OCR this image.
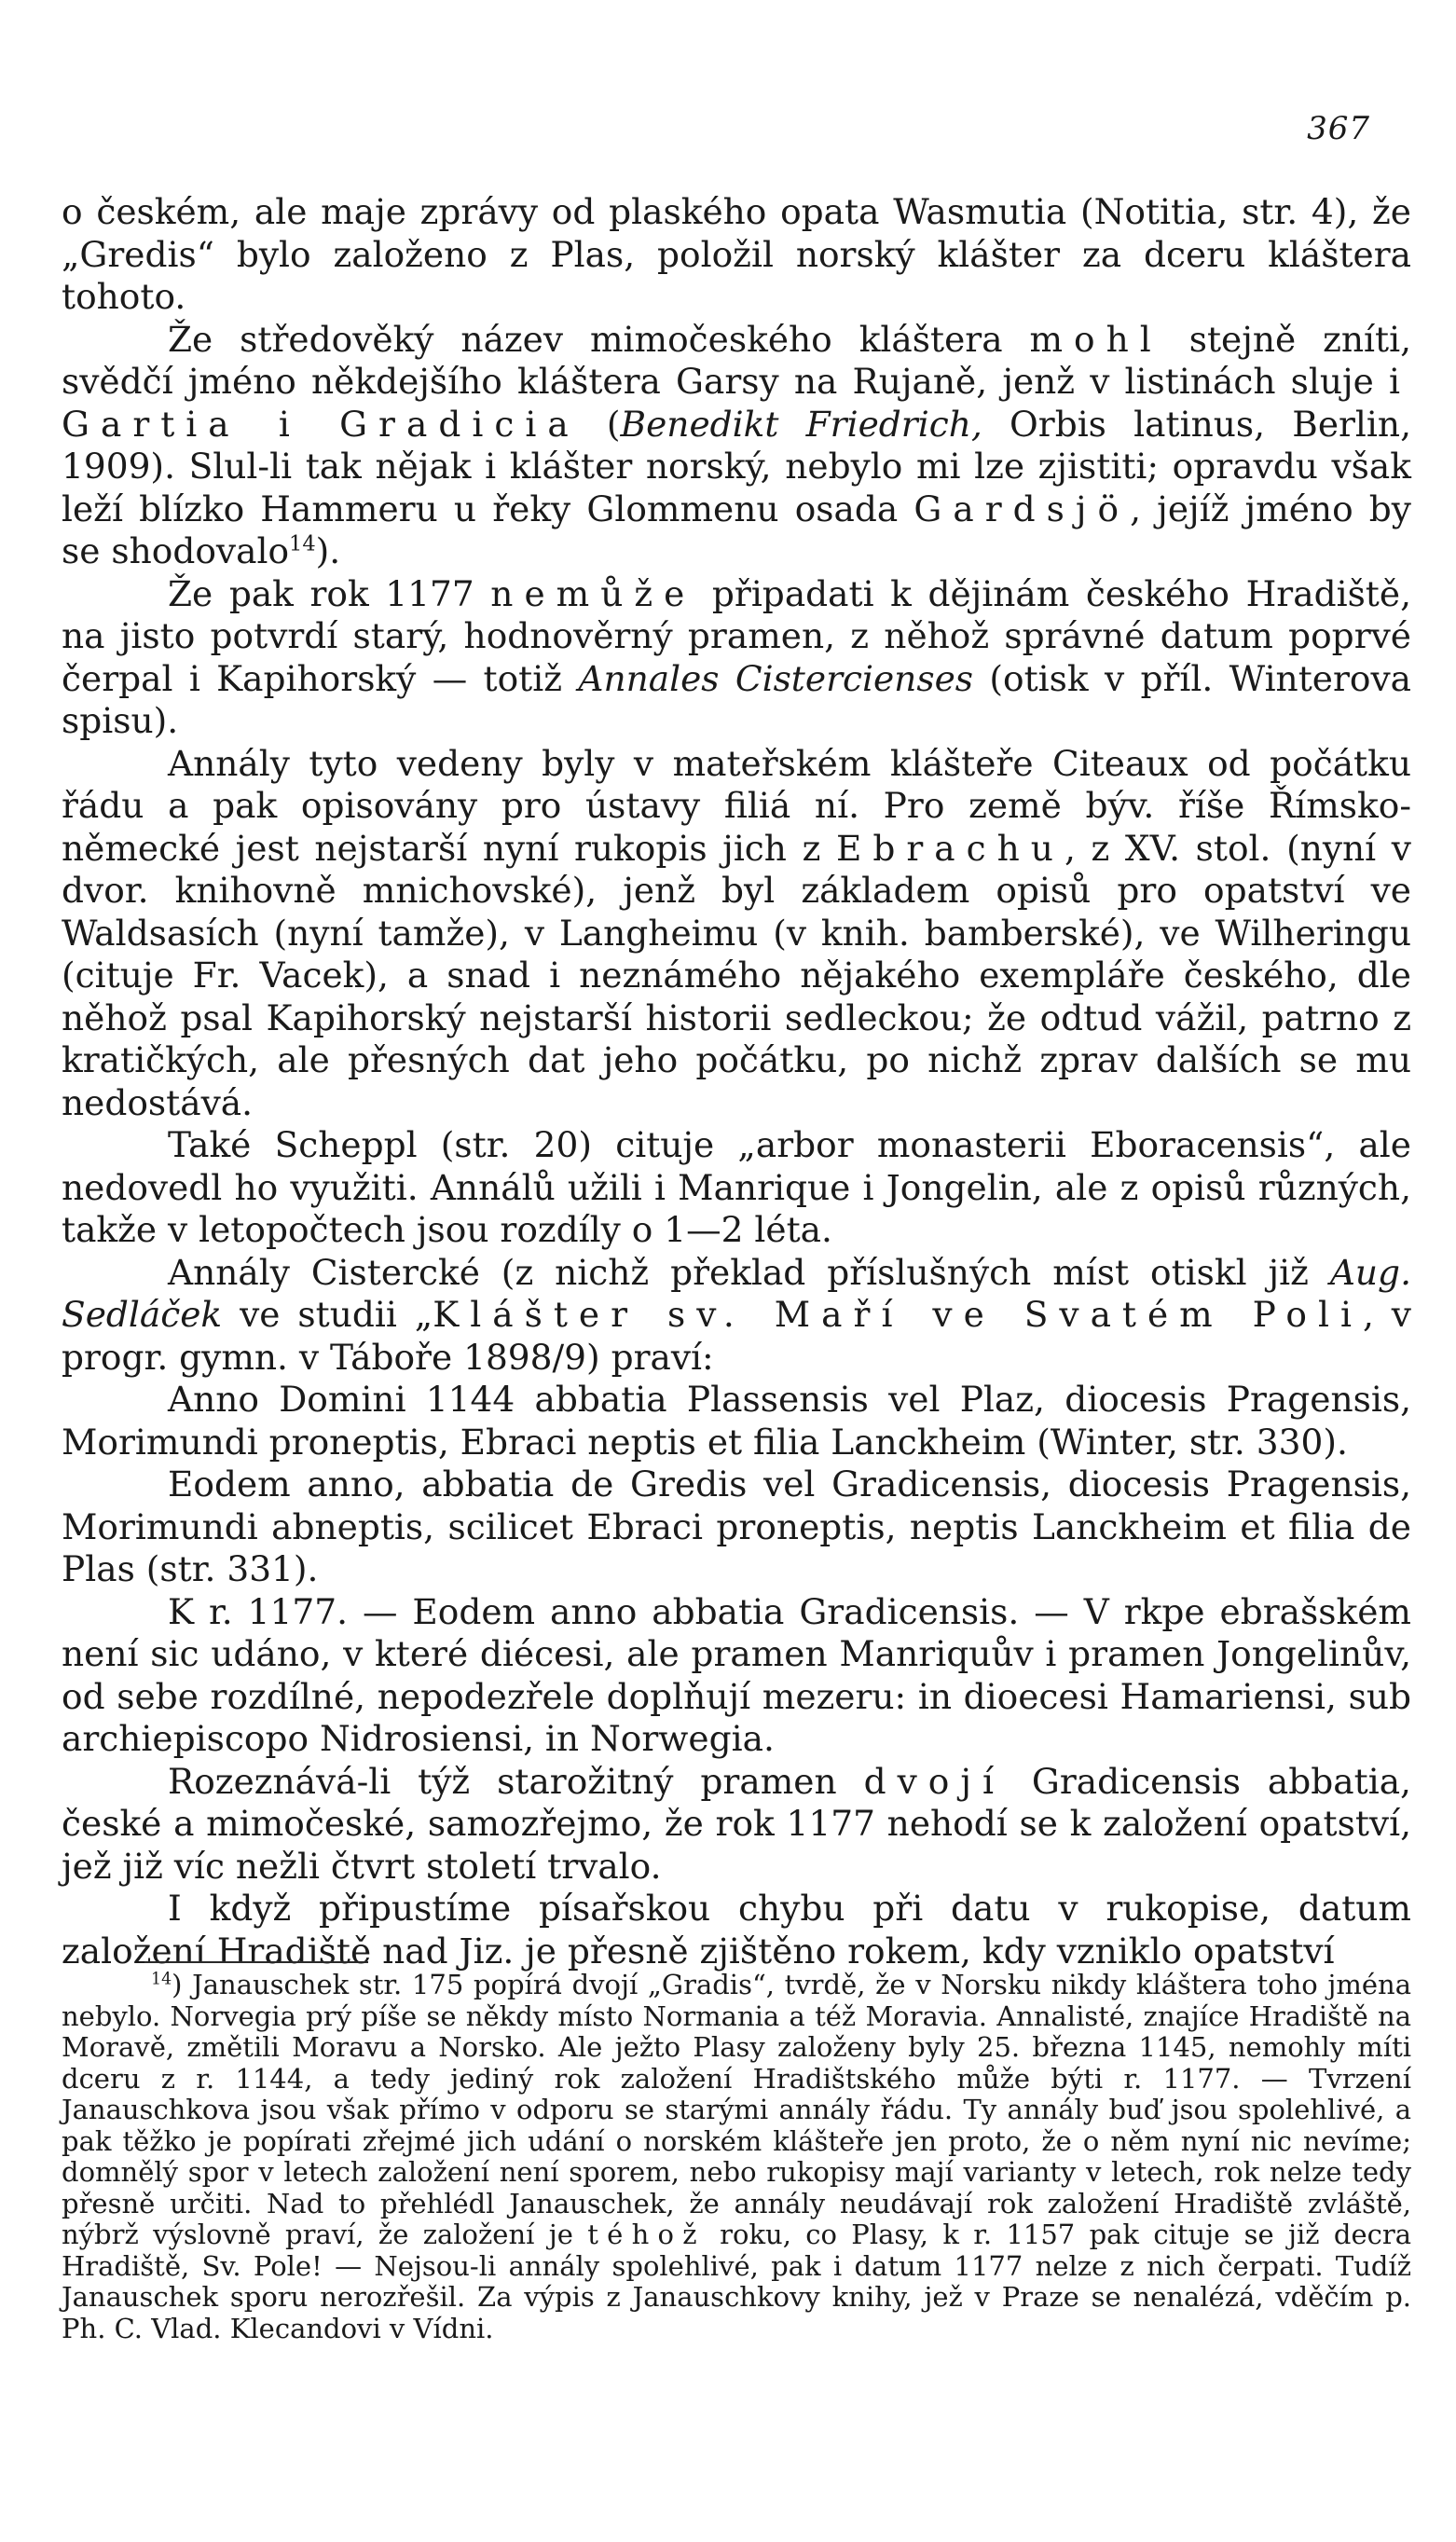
367

o českém, ale maje zprávy od plaského opata Wasmutia (Notitia, str. 4), že „Gredis“ bylo založeno z Plas, položil norský klášter za dceru kláštera tohoto.

Že středověký název mimočeského kláštera mohl stejně zníti, svědčí jméno někdejšího kláštera Garsy na Rujaně, jenž v listinách sluje i Gartia i Gradicia (Benedikt Friedrich, Orbis latinus, Berlin, 1909). Slul-li tak nějak i klášter norský, nebylo mi lze zjistiti; opravdu však leží blízko Hammeru u řeky Glommenu osada Gardsjö, jejíž jméno by se shodovalo$^{14}$).

Že pak rok 1177 nemůže připadati k dějinám českého Hradiště, na jisto potvrdí starý, hodnověrný pramen, z něhož správné datum poprvé čerpal i Kapihorský — totiž Annales Cistercienses (otisk v příl. Winterova spisu).

Annály tyto vedeny byly v mateřském klášteře Citeaux od počátku řádu a pak opisovány pro ústavy filiá ní. Pro země býv. říše Římsko-německé jest nejstarší nyní rukopis jich z Ebrachu, z XV. stol. (nyní v dvor. knihovně mnichovské), jenž byl základem opisů pro opatství ve Waldsasích (nyní tamže), v Langheimu (v knih. bamberské), ve Wilheringu (cituje Fr. Vacek), a snad i neznámého nějakého exempláře českého, dle něhož psal Kapihorský nejstarší historii sedleckou; že odtud vážil, patrno z kratičkých, ale přesných dat jeho počátku, po nichž zprav dalších se mu nedostává.

Také Scheppl (str. 20) cituje „arbor monasterii Eboracensis“, ale nedovedl ho využiti. Annálů užili i Manrique i Jongelin, ale z opisů různých, takže v letopočtech jsou rozdíly o 1—2 léta.

Annály Cistercké (z nichž překlad příslušných míst otiskl již Aug. Sedláček ve studii „Klášter sv. Maří ve Svatém Poli, v progr. gymn. v Táboře 1898/9) praví:

Anno Domini 1144 abbatia Plassensis vel Plaz, diocesis Pragensis, Morimundi proneptis, Ebraci neptis et filia Lanckheim (Winter, str. 330).

Eodem anno, abbatia de Gredis vel Gradicensis, diocesis Pragensis, Morimundi abneptis, scilicet Ebraci proneptis, neptis Lanckheim et filia de Plas (str. 331).

K r. 1177. — Eodem anno abbatia Gradicensis. — V rkpe ebrašském není sic udáno, v které diécesi, ale pramen Manriquův i pramen Jongelinův, od sebe rozdílné, nepodezřele doplňují mezeru: in dioecesi Hamariensi, sub archiepiscopo Nidrosiensi, in Norwegia.

Rozeznává-li týž starožitný pramen dvojí Gradicensis abbatia, české a mimočeské, samozřejmo, že rok 1177 nehodí se k založení opatství, jež již víc nežli čtvrt století trvalo.

I když připustíme písařskou chybu při datu v rukopise, datum založení Hradiště nad Jiz. je přesně zjištěno rokem, kdy vzniklo opatství

$^{14}$) Janauschek str. 175 popírá dvojí „Gradis“, tvrdě, že v Norsku nikdy kláštera toho jména nebylo. Norvegia prý píše se někdy místo Normania a též Moravia. Annalisté, znajíce Hradiště na Moravě, změtili Moravu a Norsko. Ale ježto Plasy založeny byly 25. března 1145, nemohly míti dceru z r. 1144, a tedy jediný rok založení Hradištského může býti r. 1177. — Tvrzení Janauschkova jsou však přímo v odporu se starými annály řádu. Ty annály buď jsou spolehlivé, a pak těžko je popírati zřejmé jich udání o norském klášteře jen proto, že o něm nyní nic nevíme; domnělý spor v letech založení není sporem, nebo rukopisy mají varianty v letech, rok nelze tedy přesně určiti. Nad to přehlédl Janauschek, že annály neudávají rok založení Hradiště zvláště, nýbrž výslovně praví, že založení je téhož roku, co Plasy, k r. 1157 pak cituje se již decra Hradiště, Sv. Pole! — Nejsou-li annály spolehlivé, pak i datum 1177 nelze z nich čerpati. Tudíž Janauschek sporu nerozřešil. Za výpis z Janauschkovy knihy, jež v Praze se nenalézá, vděčím p. Ph. C. Vlad. Klecandovi v Vídni.
